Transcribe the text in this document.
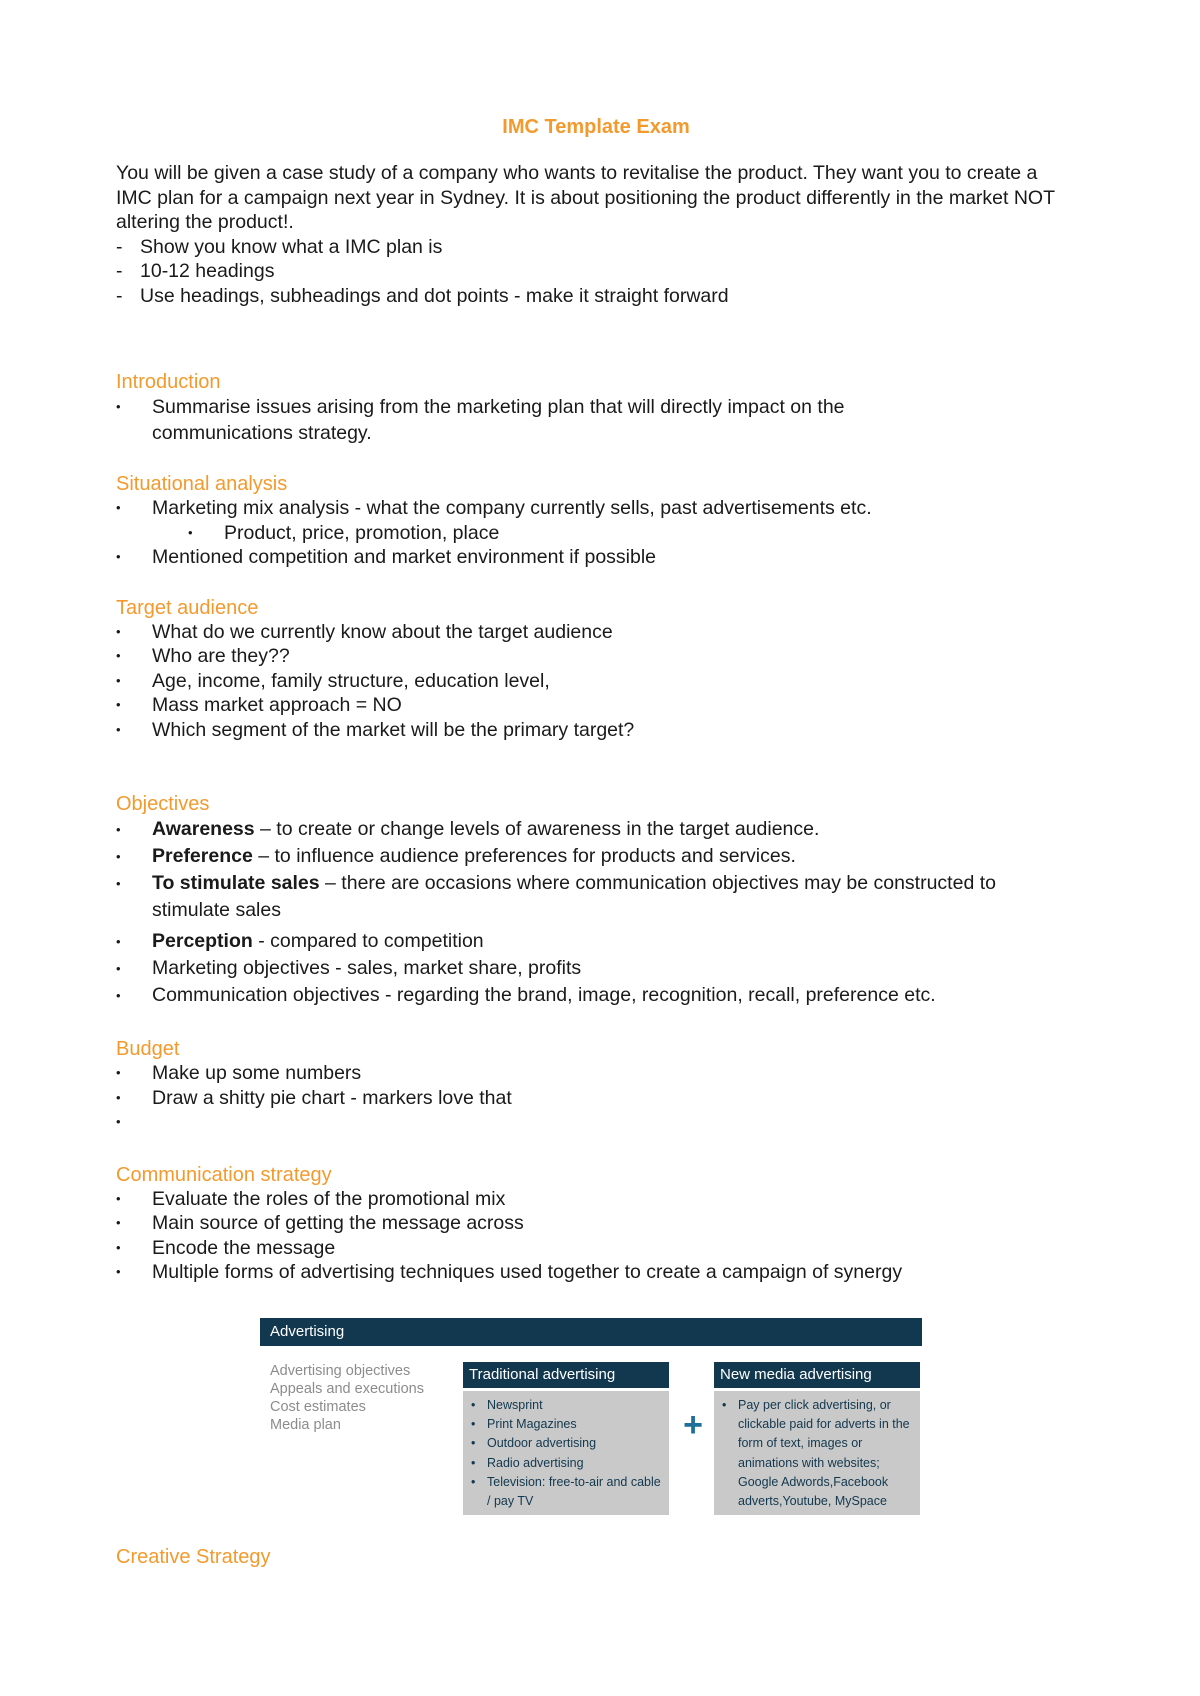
IMC Template Exam

You will be given a case study of a company who wants to revitalise the product. They want you to create a IMC plan for a campaign next year in Sydney. It is about positioning the product differently in the market NOT altering the product!.

- Show you know what a IMC plan is
- 10-12 headings
- Use headings, subheadings and dot points - make it straight forward
Introduction
• Summarise issues arising from the marketing plan that will directly impact on the communications strategy.
Situational analysis
• Marketing mix analysis - what the company currently sells, past advertisements etc.
• Product, price, promotion, place
• Mentioned competition and market environment if possible
Target audience
• What do we currently know about the target audience
• Who are they??
• Age, income, family structure, education level,
• Mass market approach = NO
• Which segment of the market will be the primary target?
Objectives
• Awareness – to create or change levels of awareness in the target audience.
• Preference – to influence audience preferences for products and services.
• To stimulate sales – there are occasions where communication objectives may be constructed to stimulate sales
• Perception - compared to competition
• Marketing objectives - sales, market share, profits
• Communication objectives - regarding the brand, image, recognition, recall, preference etc.
Budget
• Make up some numbers
• Draw a shitty pie chart - markers love that
•
Communication strategy
• Evaluate the roles of the promotional mix
• Main source of getting the message across
• Encode the message
• Multiple forms of advertising techniques used together to create a campaign of synergy
Advertising
Advertising objectives
Appeals and executions
Cost estimates
Media plan
Traditional advertising
• Newsprint
• Print Magazines
• Outdoor advertising
• Radio advertising
• Television: free-to-air and cable / pay TV
+
New media advertising
• Pay per click advertising, or clickable paid for adverts in the form of text, images or animations with websites; Google Adwords,Facebook adverts,Youtube, MySpace
Creative Strategy
